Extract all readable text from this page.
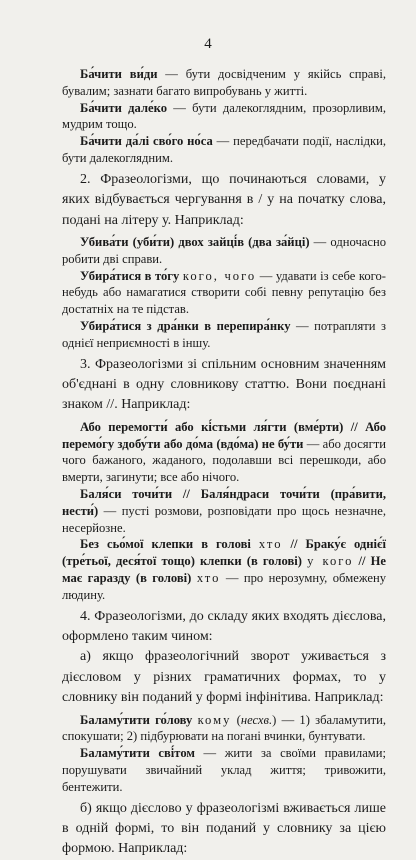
4

Ба́чити ви́ди — бути досвідченим у якійсь справі, бувалим; зазнати багато випробувань у житті.

Ба́чити дале́ко — бути далекоглядним, прозорливим, мудрим тощо.

Ба́чити да́лі сво́го но́са — передбачати події, наслідки, бути далекоглядним.

2. Фразеологізми, що починаються словами, у яких відбувається чергування в / у на початку слова, подані на літеру у. Наприклад:

Убива́ти (уби́ти) двох зайці́в (два за́йці) — одночасно робити дві справи.

Убира́тися в то́гу кого, чого — удавати із себе кого-небудь або намагатися створити собі певну репутацію без достатніх на те підстав.

Убира́тися з дра́нки в перепира́нку — потрапляти з однієї неприємності в іншу.

3. Фразеологізми зі спільним основним значенням об'єднані в одну словникову статтю. Вони поєднані знаком //. Наприклад:

Або перемогти́ або кі́стьми ля́гти (вме́рти) // Або перемо́гу здобу́ти або до́ма (вдо́ма) не бу́ти — або досягти чого бажаного, жаданого, подолавши всі перешкоди, або вмерти, загинути; все або нічого.

Баля́си точи́ти // Баля́ндраси точи́ти (пра́вити, нести́) — пусті розмови, розповідати про щось незначне, несерйозне.

Без сьо́мої клепки в голові хто // Браку́є одніє́ї (тре́тьої, деся́тої тощо) клепки (в голові) у кого // Не має гаразду (в голові) хто — про нерозумну, обмежену людину.

4. Фразеологізми, до складу яких входять дієслова, оформлено таким чином:

а) якщо фразеологічний зворот уживається з дієсловом у різних граматичних формах, то у словнику він поданий у формі інфінітива. Наприклад:

Баламу́тити го́лову кому (несхв.) — 1) збаламутити, спокушати; 2) підбурювати на погані вчинки, бунтувати.

Баламу́тити сві́том — жити за своїми правилами; порушувати звичайний уклад життя; тривожити, бентежити.

б) якщо дієслово у фразеологізмі вживається лише в одній формі, то він поданий у словнику за цією формою. Наприклад:
